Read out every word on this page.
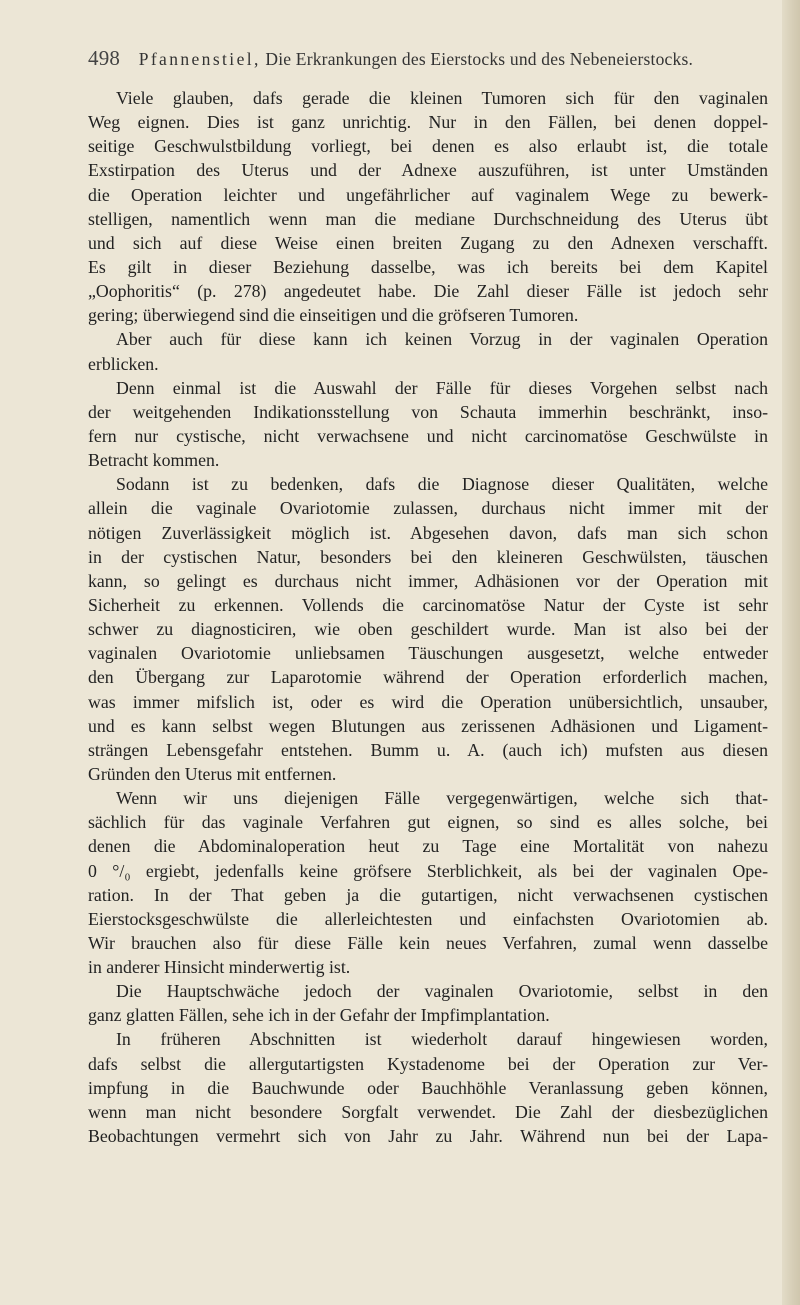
498 Pfannenstiel, Die Erkrankungen des Eierstocks und des Nebeneierstocks.
Viele glauben, dafs gerade die kleinen Tumoren sich für den vaginalen
Weg eignen. Dies ist ganz unrichtig. Nur in den Fällen, bei denen doppel-
seitige Geschwulstbildung vorliegt, bei denen es also erlaubt ist, die totale
Exstirpation des Uterus und der Adnexe auszuführen, ist unter Umständen
die Operation leichter und ungefährlicher auf vaginalem Wege zu bewerk-
stelligen, namentlich wenn man die mediane Durchschneidung des Uterus übt
und sich auf diese Weise einen breiten Zugang zu den Adnexen verschafft.
Es gilt in dieser Beziehung dasselbe, was ich bereits bei dem Kapitel
„Oophoritis“ (p. 278) angedeutet habe. Die Zahl dieser Fälle ist jedoch sehr
gering; überwiegend sind die einseitigen und die gröfseren Tumoren.
Aber auch für diese kann ich keinen Vorzug in der vaginalen Operation
erblicken.
Denn einmal ist die Auswahl der Fälle für dieses Vorgehen selbst nach
der weitgehenden Indikationsstellung von Schauta immerhin beschränkt, inso-
fern nur cystische, nicht verwachsene und nicht carcinomatöse Geschwülste in
Betracht kommen.
Sodann ist zu bedenken, dafs die Diagnose dieser Qualitäten, welche
allein die vaginale Ovariotomie zulassen, durchaus nicht immer mit der
nötigen Zuverlässigkeit möglich ist. Abgesehen davon, dafs man sich schon
in der cystischen Natur, besonders bei den kleineren Geschwülsten, täuschen
kann, so gelingt es durchaus nicht immer, Adhäsionen vor der Operation mit
Sicherheit zu erkennen. Vollends die carcinomatöse Natur der Cyste ist sehr
schwer zu diagnosticiren, wie oben geschildert wurde. Man ist also bei der
vaginalen Ovariotomie unliebsamen Täuschungen ausgesetzt, welche entweder
den Übergang zur Laparotomie während der Operation erforderlich machen,
was immer mifslich ist, oder es wird die Operation unübersichtlich, unsauber,
und es kann selbst wegen Blutungen aus zerissenen Adhäsionen und Ligament-
strängen Lebensgefahr entstehen. Bumm u. A. (auch ich) mufsten aus diesen
Gründen den Uterus mit entfernen.
Wenn wir uns diejenigen Fälle vergegenwärtigen, welche sich that-
sächlich für das vaginale Verfahren gut eignen, so sind es alles solche, bei
denen die Abdominaloperation heut zu Tage eine Mortalität von nahezu
0 °/₀ ergiebt, jedenfalls keine gröfsere Sterblichkeit, als bei der vaginalen Ope-
ration. In der That geben ja die gutartigen, nicht verwachsenen cystischen
Eierstocksgeschwülste die allerleichtesten und einfachsten Ovariotomien ab.
Wir brauchen also für diese Fälle kein neues Verfahren, zumal wenn dasselbe
in anderer Hinsicht minderwertig ist.
Die Hauptschwäche jedoch der vaginalen Ovariotomie, selbst in den
ganz glatten Fällen, sehe ich in der Gefahr der Impfimplantation.
In früheren Abschnitten ist wiederholt darauf hingewiesen worden,
dafs selbst die allergutartigsten Kystadenome bei der Operation zur Ver-
impfung in die Bauchwunde oder Bauchhöhle Veranlassung geben können,
wenn man nicht besondere Sorgfalt verwendet. Die Zahl der diesbezüglichen
Beobachtungen vermehrt sich von Jahr zu Jahr. Während nun bei der Lapa-
